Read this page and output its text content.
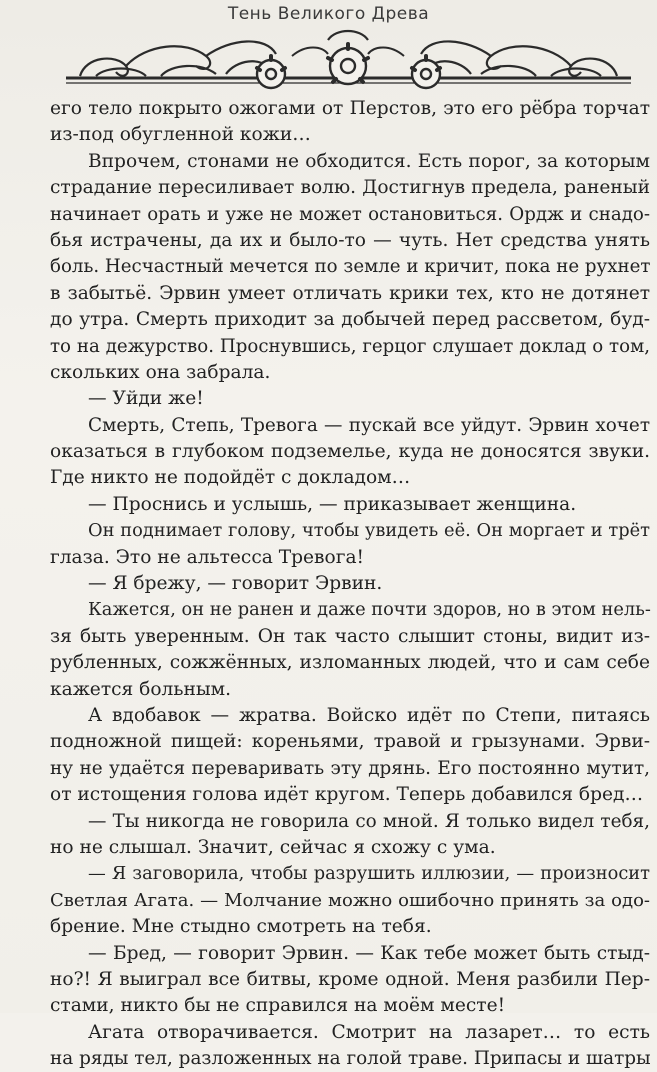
Тень Великого Древа
его тело покрыто ожогами от Перстов, это его рёбра торчат
из-под обугленной кожи…
Впрочем, стонами не обходится. Есть порог, за которым
страдание пересиливает волю. Достигнув предела, раненый
начинает орать и уже не может остановиться. Ордж и снадо-
бья истрачены, да их и было-то — чуть. Нет средства унять
боль. Несчастный мечется по земле и кричит, пока не рухнет
в забытьё. Эрвин умеет отличать крики тех, кто не дотянет
до утра. Смерть приходит за добычей перед рассветом, буд-
то на дежурство. Проснувшись, герцог слушает доклад о том,
скольких она забрала.
— Уйди же!
Смерть, Степь, Тревога — пускай все уйдут. Эрвин хочет
оказаться в глубоком подземелье, куда не доносятся звуки.
Где никто не подойдёт с докладом…
— Проснись и услышь, — приказывает женщина.
Он поднимает голову, чтобы увидеть её. Он моргает и трёт
глаза. Это не альтесса Тревога!
— Я брежу, — говорит Эрвин.
Кажется, он не ранен и даже почти здоров, но в этом нель-
зя быть уверенным. Он так часто слышит стоны, видит из-
рубленных, сожжённых, изломанных людей, что и сам себе
кажется больным.
А вдобавок — жратва. Войско идёт по Степи, питаясь
подножной пищей: кореньями, травой и грызунами. Эрви-
ну не удаётся переваривать эту дрянь. Его постоянно мутит,
от истощения голова идёт кругом. Теперь добавился бред…
— Ты никогда не говорила со мной. Я только видел тебя,
но не слышал. Значит, сейчас я схожу с ума.
— Я заговорила, чтобы разрушить иллюзии, — произносит
Светлая Агата. — Молчание можно ошибочно принять за одо-
брение. Мне стыдно смотреть на тебя.
— Бред, — говорит Эрвин. — Как тебе может быть стыд-
но?! Я выиграл все битвы, кроме одной. Меня разбили Пер-
стами, никто бы не справился на моём месте!
Агата отворачивается. Смотрит на лазарет… то есть
на ряды тел, разложенных на голой траве. Припасы и шатры
